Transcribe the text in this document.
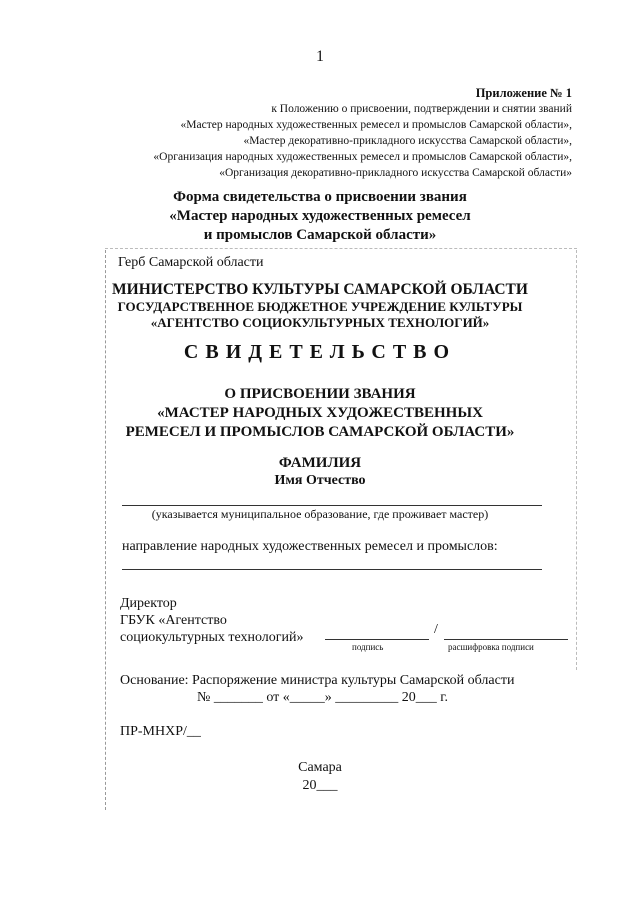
1
Приложение № 1
к Положению о присвоении, подтверждении и снятии званий
«Мастер народных художественных ремесел и промыслов Самарской области»,
«Мастер декоративно-прикладного искусства Самарской области»,
«Организация народных художественных ремесел и промыслов Самарской области»,
«Организация декоративно-прикладного искусства Самарской области»
Форма свидетельства о присвоении звания
«Мастер народных художественных ремесел
и промыслов Самарской области»
Герб Самарской области
МИНИСТЕРСТВО КУЛЬТУРЫ САМАРСКОЙ ОБЛАСТИ
ГОСУДАРСТВЕННОЕ БЮДЖЕТНОЕ УЧРЕЖДЕНИЕ КУЛЬТУРЫ
«АГЕНТСТВО СОЦИОКУЛЬТУРНЫХ ТЕХНОЛОГИЙ»
СВИДЕТЕЛЬСТВО
О ПРИСВОЕНИИ ЗВАНИЯ
«МАСТЕР НАРОДНЫХ ХУДОЖЕСТВЕННЫХ
РЕМЕСЕЛ И ПРОМЫСЛОВ САМАРСКОЙ ОБЛАСТИ»
ФАМИЛИЯ
Имя Отчество
(указывается муниципальное образование, где проживает мастер)
направление народных художественных ремесел и промыслов:
Директор
ГБУК «Агентство
социокультурных технологий»
/
подпись	расшифровка подписи
Основание: Распоряжение министра культуры Самарской области
№ _______ от «_____» _________ 20___ г.
ПР-МНХР/__
Самара
20___
